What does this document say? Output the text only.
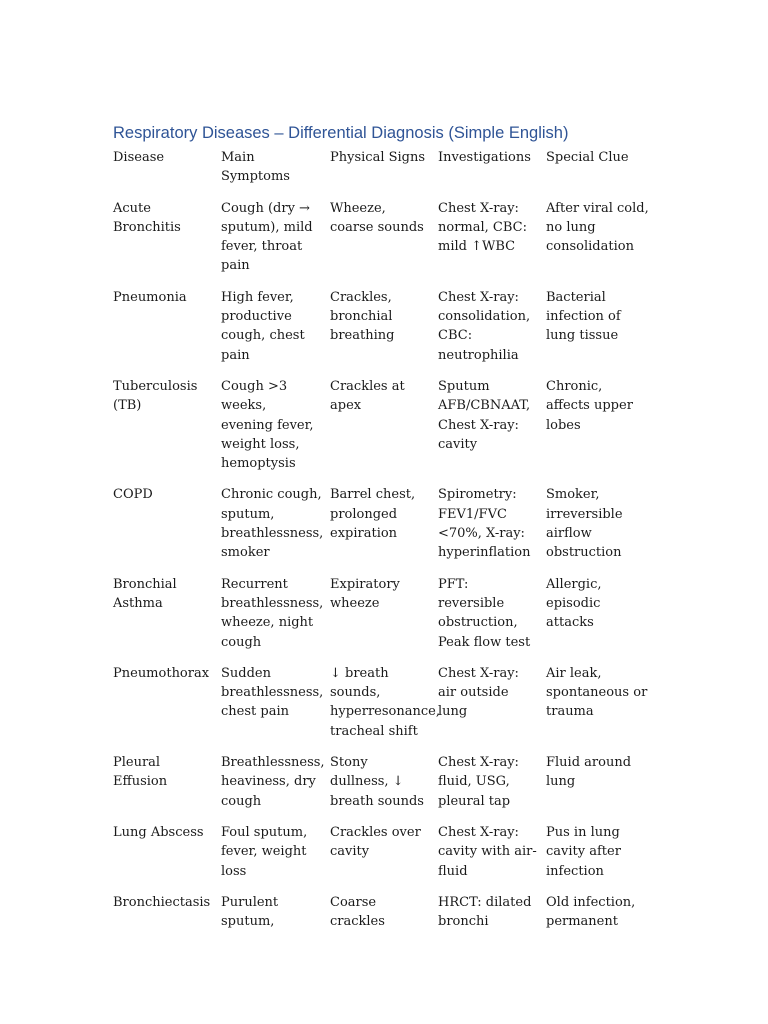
Respiratory Diseases – Differential Diagnosis (Simple English)
Disease	Main Symptoms	Physical Signs	Investigations	Special Clue
Acute Bronchitis	Cough (dry → sputum), mild fever, throat pain	Wheeze, coarse sounds	Chest X-ray: normal, CBC: mild ↑WBC	After viral cold, no lung consolidation
Pneumonia	High fever, productive cough, chest pain	Crackles, bronchial breathing	Chest X-ray: consolidation, CBC: neutrophilia	Bacterial infection of lung tissue
Tuberculosis (TB)	Cough >3 weeks, evening fever, weight loss, hemoptysis	Crackles at apex	Sputum AFB/CBNAAT, Chest X-ray: cavity	Chronic, affects upper lobes
COPD	Chronic cough, sputum, breathlessness, smoker	Barrel chest, prolonged expiration	Spirometry: FEV1/FVC <70%, X-ray: hyperinflation	Smoker, irreversible airflow obstruction
Bronchial Asthma	Recurrent breathlessness, wheeze, night cough	Expiratory wheeze	PFT: reversible obstruction, Peak flow test	Allergic, episodic attacks
Pneumothorax	Sudden breathlessness, chest pain	↓ breath sounds, hyperresonance, tracheal shift	Chest X-ray: air outside lung	Air leak, spontaneous or trauma
Pleural Effusion	Breathlessness, heaviness, dry cough	Stony dullness, ↓ breath sounds	Chest X-ray: fluid, USG, pleural tap	Fluid around lung
Lung Abscess	Foul sputum, fever, weight loss	Crackles over cavity	Chest X-ray: cavity with air-fluid	Pus in lung cavity after infection
Bronchiectasis	Purulent sputum,	Coarse crackles	HRCT: dilated bronchi	Old infection, permanent
